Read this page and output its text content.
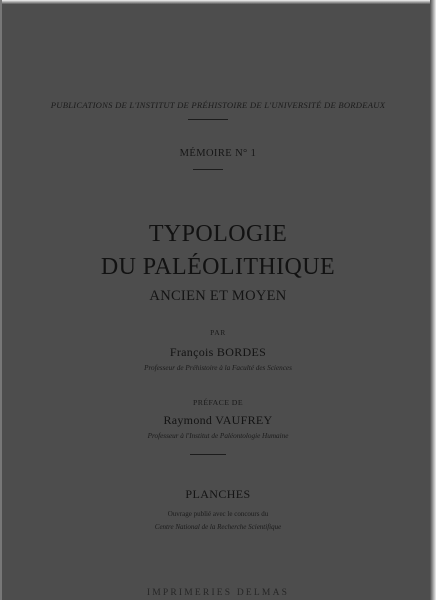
PUBLICATIONS DE L'INSTITUT DE PRÉHISTOIRE DE L'UNIVERSITÉ DE BORDEAUX
MÉMOIRE N° 1
TYPOLOGIE
DU PALÉOLITHIQUE
ANCIEN ET MOYEN
PAR
François BORDES
Professeur de Préhistoire à la Faculté des Sciences
PRÉFACE DE
Raymond VAUFREY
Professeur à l'Institut de Paléontologie Humaine
PLANCHES
Ouvrage publié avec le concours du
Centre National de la Recherche Scientifique
IMPRIMERIES DELMAS
